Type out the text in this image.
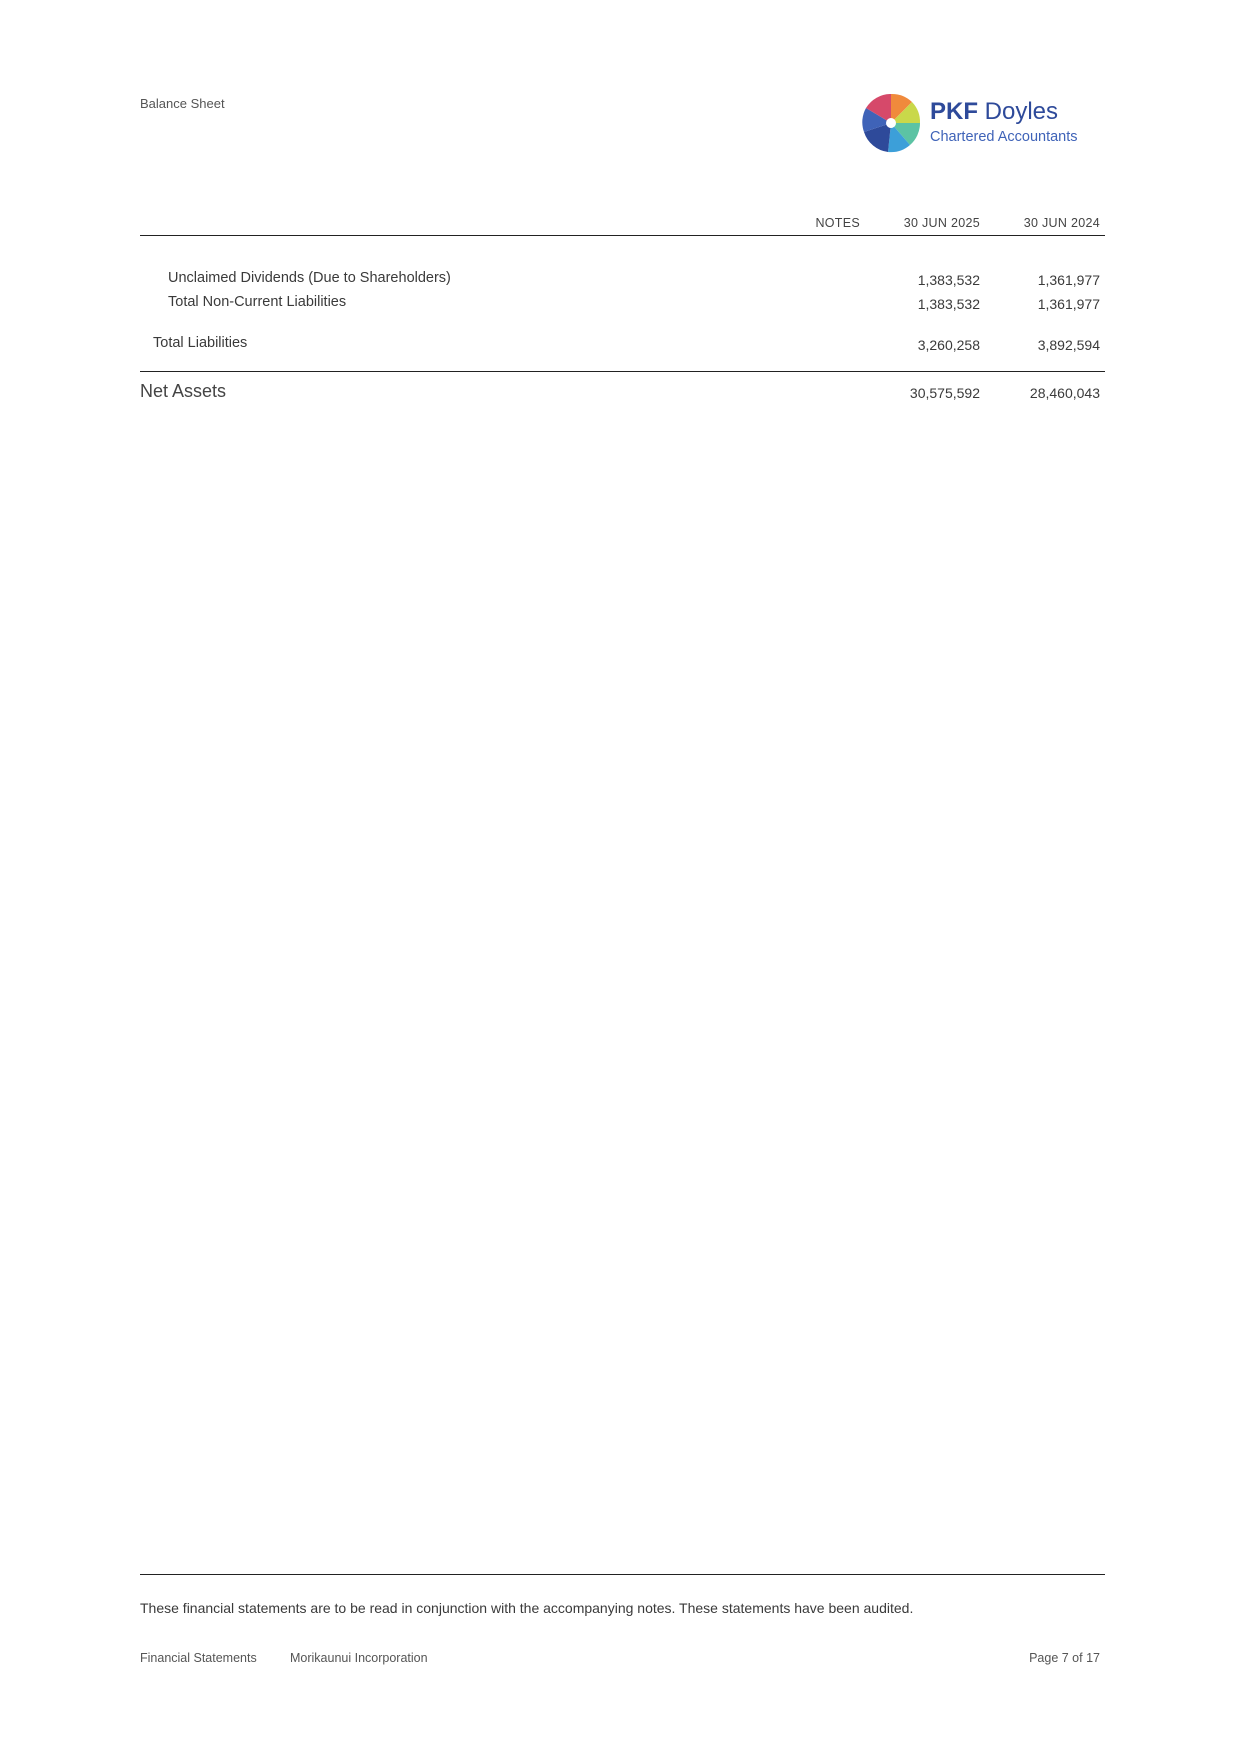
Balance Sheet	PKF Doyles
Chartered Accountants
NOTES	30 JUN 2025	30 JUN 2024
Unclaimed Dividends (Due to Shareholders)	1,383,532	1,361,977
Total Non-Current Liabilities	1,383,532	1,361,977
Total Liabilities	3,260,258	3,892,594
Net Assets	30,575,592	28,460,043
These financial statements are to be read in conjunction with the accompanying notes. These statements have been audited.
Financial Statements	Morikaunui Incorporation	Page 7 of 17
